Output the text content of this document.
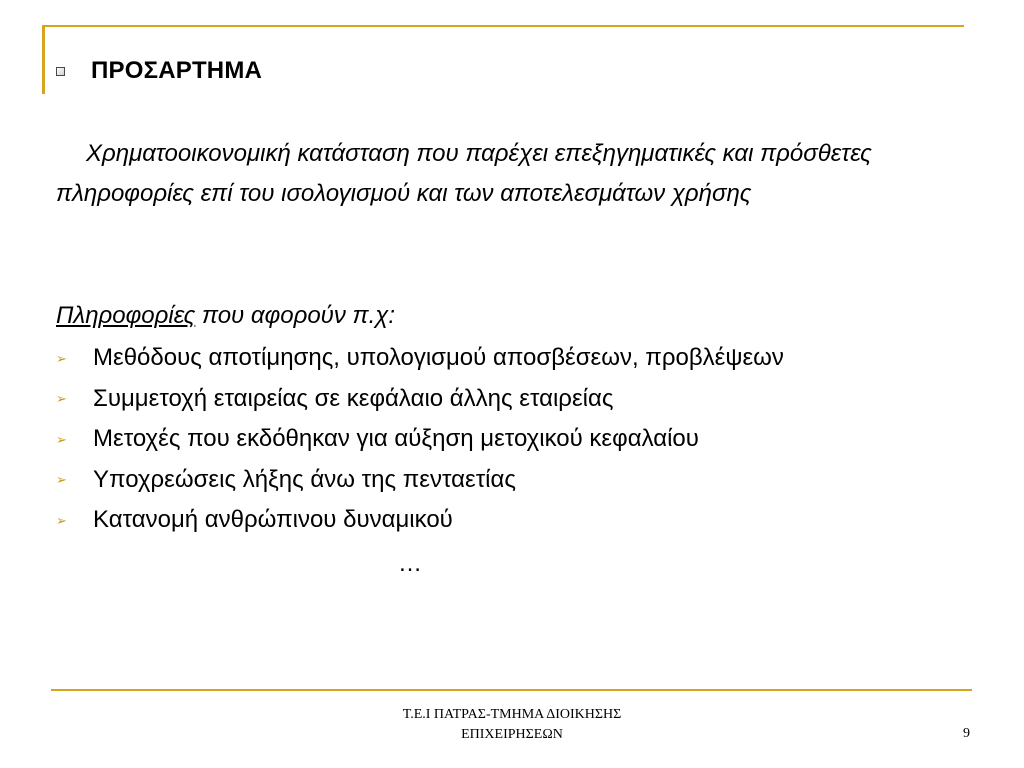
ΠΡΟΣΑΡΤΗΜΑ
Χρηματοοικονομική κατάσταση που παρέχει επεξηγηματικές και πρόσθετες πληροφορίες επί του ισολογισμού και των αποτελεσμάτων χρήσης
Πληροφορίες που αφορούν π.χ:
➢	Μεθόδους αποτίμησης, υπολογισμού αποσβέσεων, προβλέψεων
➢	Συμμετοχή εταιρείας σε κεφάλαιο άλλης εταιρείας
➢	Μετοχές που εκδόθηκαν για αύξηση μετοχικού κεφαλαίου
➢	Υποχρεώσεις λήξης άνω της πενταετίας
➢	Κατανομή ανθρώπινου δυναμικού
…
Τ.Ε.Ι ΠΑΤΡΑΣ-ΤΜΗΜΑ ΔΙΟΙΚΗΣΗΣ
ΕΠΙΧΕΙΡΗΣΕΩΝ	9
